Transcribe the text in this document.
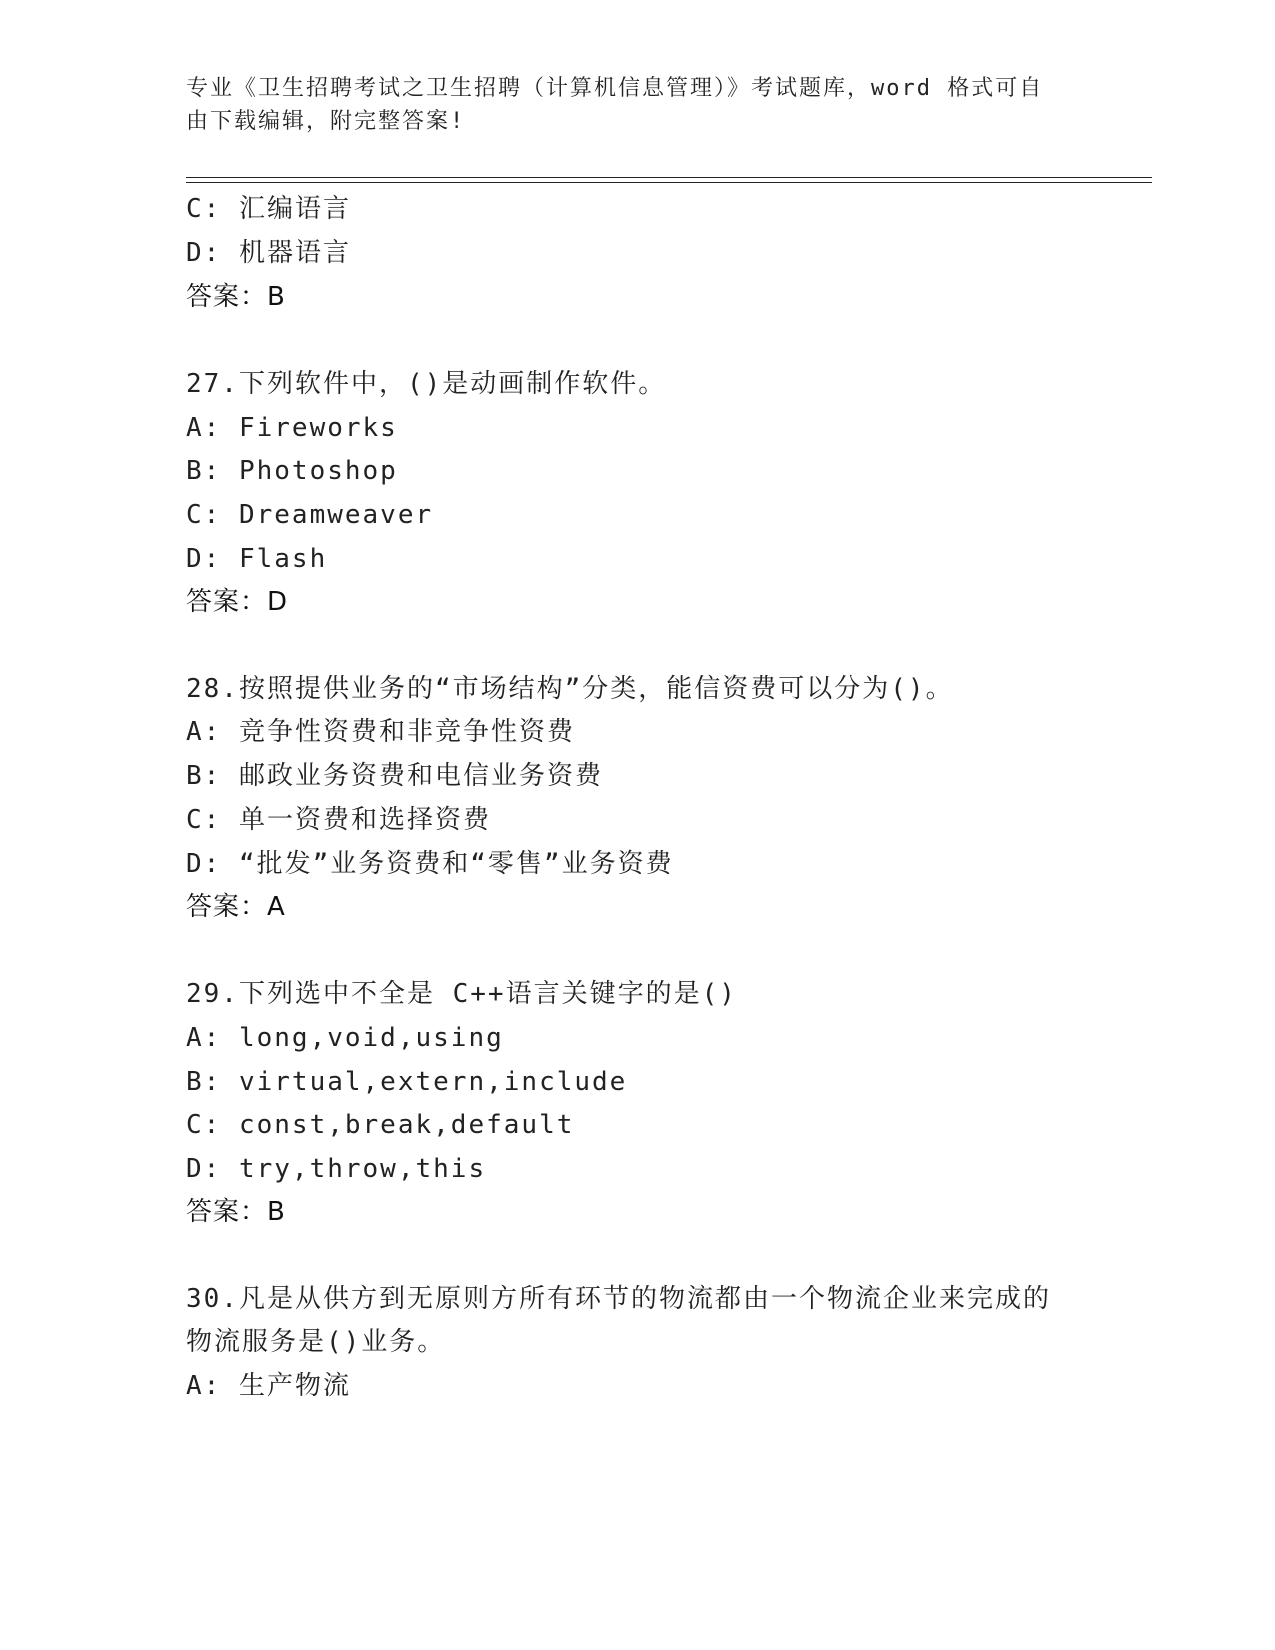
专业《卫生招聘考试之卫生招聘（计算机信息管理）》考试题库，word 格式可自
由下载编辑，附完整答案!
C: 汇编语言
D: 机器语言
答案：B
27.下列软件中，()是动画制作软件。
A: Fireworks
B: Photoshop
C: Dreamweaver
D: Flash
答案：D
28.按照提供业务的“市场结构”分类，能信资费可以分为()。
A: 竞争性资费和非竞争性资费
B: 邮政业务资费和电信业务资费
C: 单一资费和选择资费
D: “批发”业务资费和“零售”业务资费
答案：A
29.下列选中不全是 C++语言关键字的是()
A: long,void,using
B: virtual,extern,include
C: const,break,default
D: try,throw,this
答案：B
30.凡是从供方到无原则方所有环节的物流都由一个物流企业来完成的
物流服务是()业务。
A: 生产物流
